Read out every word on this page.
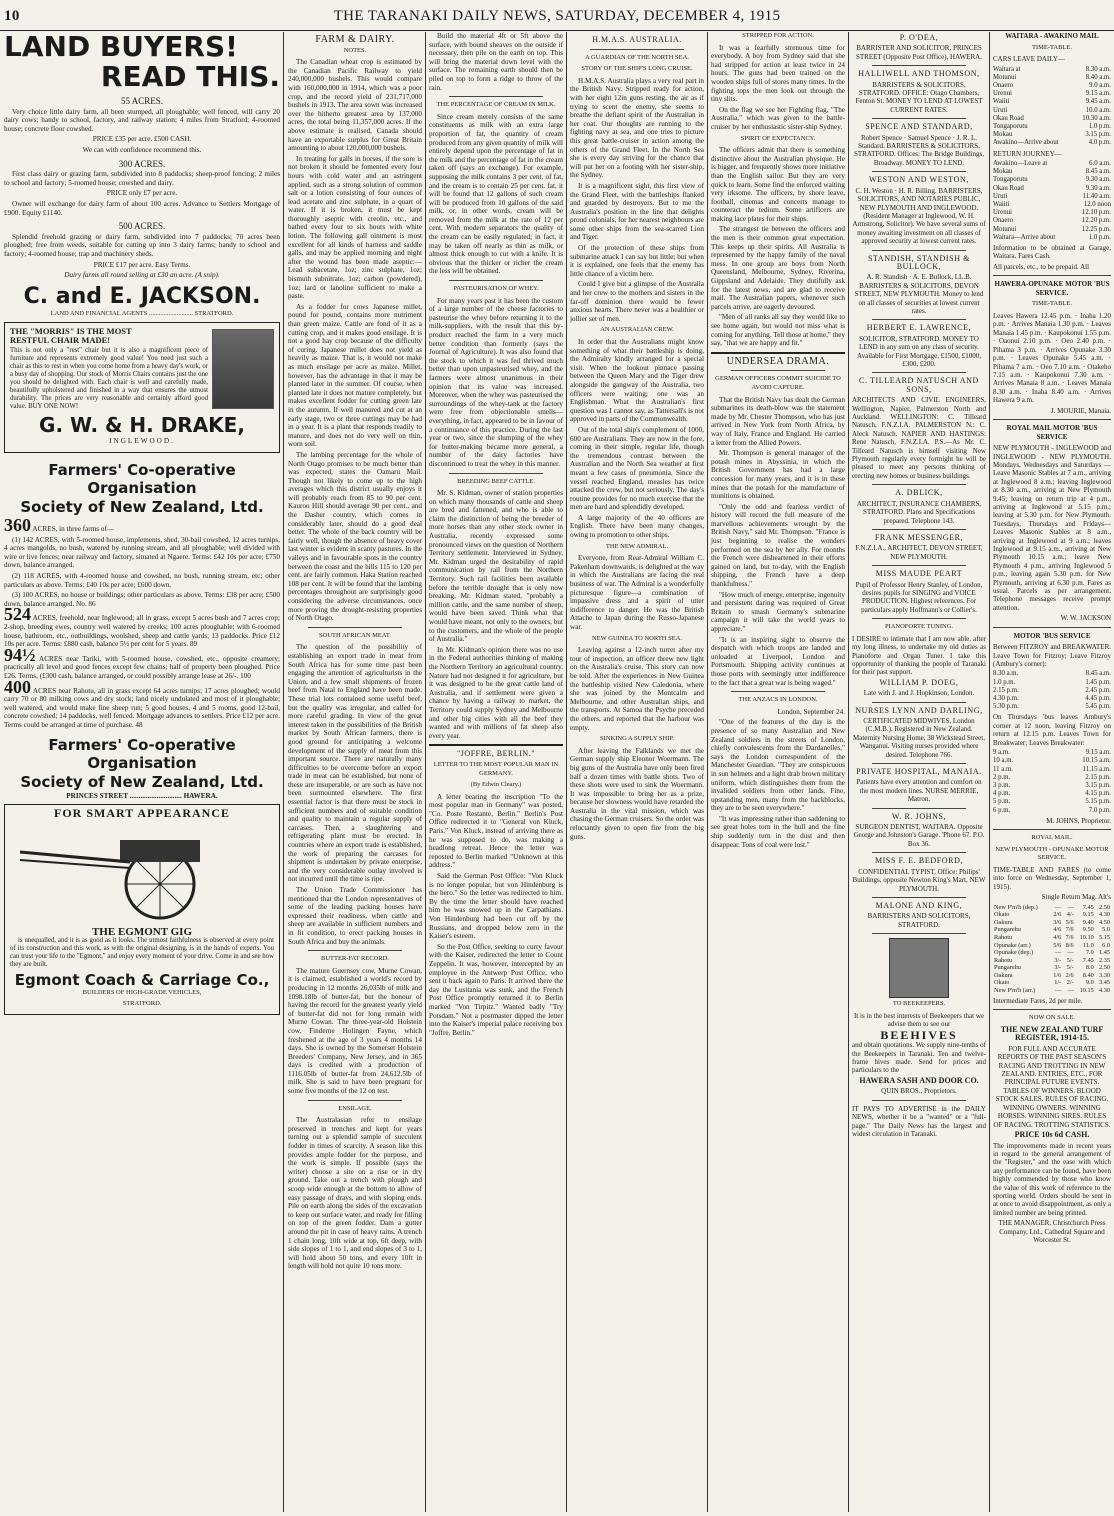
10	THE TARANAKI DAILY NEWS, SATURDAY, DECEMBER 4, 1915
LAND BUYERS!
READ THIS.
55 ACRES.

Very choice little dairy farm, all been stumped, all ploughable; well fenced, will carry 20 dairy cows; handy to school, factory, and railway station; 4 miles from Stratford; 4-roomed house; concrete floor cowshed.

PRICE £35 per acre. £500 CASH.

We can with confidence recommend this.

300 ACRES.

First class dairy or grazing farm, subdivided into 8 paddocks; sheep-proof fencing; 2 miles to school and factory; 5-roomed house; cowshed and dairy.

PRICE only £7 per acre.

Owner will exchange for dairy farm of about 100 acres. Advance to Settlers Mortgage of £900. Equity £1140.

500 ACRES.

Splendid freehold grazing or dairy farm, subdivided into 7 paddocks; 70 acres been ploughed; free from weeds, suitable for cutting up into 3 dairy farms; handy to school and factory; 4-roomed house; trap and machinery sheds.

PRICE £17 per acre. Easy Terms.

Dairy farms all round selling at £30 an acre. (A snip).

C. and E. JACKSON.

LAND AND FINANCIAL AGENTS ........................... STRATFORD.

THE "MORRIS" IS THE MOST
RESTFUL CHAIR MADE!

This is not only a "rest" chair but it is also a magnificent piece of furniture and represents extremely good value! You need just such a chair as this to rest in when you come home from a heavy day's work, or a busy day of shopping. Our stock of Morris Chairs contains just the one you should be delighted with. Each chair is well and carefully made, beautifully upholstered and finished in a way that ensures the utmost durability. The prices are very reasonable and certainly afford good value. BUY ONE NOW!

G. W. & H. DRAKE,

INGLEWOOD.

Farmers' Co-operative Organisation
Society of New Zealand, Ltd.

360 ACRES, in three farms of—

(1) 142 ACRES, with 5-roomed house, implements, shed, 30-bail cowshed, 12 acres turnips, 4 acres mangolds, no bush, watered by running stream, and all ploughable; well divided with wire or live fences; near railway and factory, situated at Ngaere. Terms: £42 10s per acre; £750 down, balance arranged.

(2) 118 ACRES, with 4-roomed house and cowshed, no bush, running stream, etc; other particulars as above. Terms: £40 10s per acre; £600 down.

(3) 100 ACRES, no house or buildings; other particulars as above. Terms: £38 per acre; £500 down, balance arranged. No. 86

524 ACRES, freehold, near Inglewood; all in grass, except 5 acres bush and 7 acres crop; 2-shop, breeding ewes, country well watered by creeks; 100 acres ploughable; with 6-roomed house, bathroom, etc., outbuildings, woolshed, sheep and cattle yards; 13 paddocks. Price £12 10s per acre. Terms: £880 cash, balance 5½ per cent for 5 years. 89

94½ ACRES near Tariki, with 5-roomed house, cowshed, etc., opposite creamery; practically all level and good fences except few chains; half of property been ploughed. Price £26. Terms, (£300 cash, balance arranged, or could possibly arrange lease at 26/-. 100

400 ACRES near Rahotu, all in grass except 64 acres turnips; 17 acres ploughed; would carry 70 or 80 milking cows and dry stock; land nicely undulated and most of it ploughable; well watered, and would make fine sheep run; 5 good houses, 4 and 5 rooms, good 12-bail, concrete cowshed; 14 paddocks, well fenced. Mortgage advances to settlers. Price £12 per acre. Terms could be arranged at time of purchase. 48

Farmers' Co-operative Organisation
Society of New Zealand, Ltd.

PRINCES STREET ............................. HAWERA.

FOR SMART APPEARANCE
THE EGMONT GIG

is unequalled, and it is as good as it looks. The utmost faithfulness is observed at every point of its construction and this work, as with the original designing, is in the hands of experts. You can trust your life to the "Egmont," and enjoy every moment of your drive. Come in and see how they are built.

Egmont Coach & Carriage Co.,

BUILDERS OF HIGH-GRADE VEHICLES,

STRATFORD.

FARM & DAIRY.
NOTES.

The Canadian wheat crop is estimated by the Canadian Pacific Railway to yield 240,000,000 bushels. This would compare with 160,000,000 in 1914, which was a poor crop, and the record yield of 231,717,000 bushels in 1913. The area sown was increased over the hitherto greatest area by 137,000 acres, the total being 11,357,000 acres. If the above estimate is realised, Canada should have an exportable surplus for Great Britain amounting to about 120,000,000 bushels.

In treating for galls in horses, if the sore is not broken it should be fomented every four hours with cold water and an astringent applied, such as a strong solution of common salt or a lotion consisting of four ounces of lead acetate and zinc sulphate, in a quart of water. If it is broken, it must be kept thoroughly aseptic with creolin, etc., and bathed every four to six hours with white lotion. The following gall ointment is most excellent for all kinds of harness and saddle galls, and may be applied morning and night after the wound has been made aseptic:—Lead subacetate, 1oz; zinc sulphate, 1oz; bismuth subnitrate, 1oz; carbon (powdered), 1oz; lard or lanoline sufficient to make a paste.

As a fodder for cows Japanese millet, pound for pound, contains more nutriment than green maize. Cattle are fond of it as a cutting crop, and it makes good ensilage. It is not a good hay crop because of the difficulty of curing. Japanese millet does not yield as heavily as maize. That is, it would not make as much ensilage per acre as maize. Millet, however, has the advantage in that it may be planted later in the summer. Of course, when planted late it does not mature completely, but makes excellent fodder for cutting green late in the autumn. If well manured and cut at an early stage, two or three cuttings may be had in a year. It is a plant that responds readily to manure, and does not do very well on thin, worn soil.

The lambing percentage for the whole of North Otago promises to be much better than was expected, states the Oamaru Mail. Though not likely to come up to the high averages which this district usually enjoys it will probably reach from 85 to 90 per cent. Kauroo Hill should average 90 per cent., and the Dasher country, which comes in considerably later, should do a good deal better. The whole of the back country will be fairly well, though the absence of heavy cover last winter is evident in scanty pastures. In the valleys and in favourable spots in the country between the coast and the hills 115 to 120 per cent. are fairly common. Haka Station reached 108 per cent. It will be found that the lambing percentages throughout are surprisingly good considering the adverse circumstances, once more proving the drought-resisting properties of North Otago.

SOUTH AFRICAN MEAT.

The question of the possibility of establishing an export trade in meat from South Africa has for some time past been engaging the attention of agriculturists in the Union, and a few small shipments of frozen beef from Natal to England have been made. These trial lots contained some useful beef, but the quality was irregular, and called for more careful grading. In view of the great interest taken in the possibilities of the British market by South African farmers, there is good ground for anticipating a welcome development of the supply of meat from this important source. There are naturally many difficulties to be overcome before an export trade in meat can be established, but none of these are insuperable, or are such as have not been surmounted elsewhere. The first essential factor is that there must be stock in sufficient numbers and of suitable condition and quality to maintain a regular supply of carcases. Then, a slaughtering and refrigerating plant must be erected. In countries where an export trade is established, the work of preparing the carcases for shipment is undertaken by private enterprise, and the very considerable outlay involved is not incurred until the time is ripe.

The Union Trade Commissioner has mentioned that the London representatives of some of the leading packing houses have expressed their readiness, when cattle and sheep are available in sufficient numbers and in fit condition, to erect packing houses in South Africa and buy the animals.

BUTTER-FAT RECORD.

The mature Guernsey cow, Murne Cowan, it is claimed, established a world's record by producing in 12 months 26,035lb of milk and 1098.18lb of butter-fat, but the honour of having the record for the greatest yearly yield of butter-fat did not for long remain with Murne Cowan. The three-year-old Holstein cow, Finderne Holingen Fayne, which freshened at the age of 3 years 4 months 14 days. She is owned by the Somerset Holstein Breeders' Company, New Jersey, and in 365 days is credited with a production of 1116.05lb of butter-fat from 24,612.5lb of milk. She is said to have been pregnant for some five months of the 12 on test.

ENSILAGE.

The Australasian refer to ensilage preserved in trenches and kept for years turning out a splendid sample of succulent fodder in times of scarcity. A season like this provides ample fodder for the purpose, and the work is simple. If possible (says the writer) choose a site on a rise or in dry ground. Take out a trench with plough and scoop wide enough at the bottom to allow of easy passage of drays, and with sloping ends. Pile on earth along the sides of the excavation to keep out surface water, and ready for filling on top of the green fodder. Dam a gutter around the pit in case of heavy rains. A trench 1 chain long, 10ft wide at top, 6ft deep, with side slopes of 1 to 1, and end slopes of 3 to 1, will hold about 50 tons, and every 10ft in length will hold not quite 10 tons more.

Build the material 4ft or 5ft above the surface, with bound sheaves on the outside if necessary, then pile on the earth on top. This will bring the material down level with the surface. The remaining earth should then be piled on top to form a ridge to throw of the rain.

THE PERCENTAGE OF CREAM IN MILK.

Since cream merely consists of the same constituents as milk with an extra large proportion of fat, the quantity of cream produced from any given quantity of milk will entirely depend upon the percentage of fat in the milk and the percentage of fat in the cream taken off (says an exchange). For example, supposing the milk contains 3 per cent. of fat, and the cream is to contain 25 per cent. fat, it will be found that 12 gallons of such cream will be produced from 10 gallons of the said milk, or, in other words, cream will be removed from the milk at the rate of 12 per cent. With modern separators the quality of the cream can be easily regulated; in fact, it may be taken off nearly as thin as milk, or almost thick enough to cut with a knife. It is obvious that the thicker or richer the cream the less will be obtained.

PASTEURISATION OF WHEY.

For many years past it has been the custom of a large number of the cheese factories to pasteurise the whey before returning it to the milk-suppliers, with the result that this by-product reached the farm in a very much better condition than formerly (says the Journal of Agriculture). It was also found that the stock to which it was fed thrived much better than upon unpasteurised whey, and the farmers were almost unanimous in their opinion that its value was increased. Moreover, when the whey was pasteurised the surroundings of the whey-tank at the factory were free from objectionable smells—everything, in fact, appeared to be in favour of a continuance of this practice. During the last year or two, since the slumping of the whey for butter-making became more general, a number of the dairy factories have discontinued to treat the whey in this manner.

BREEDING BEEF CATTLE.

Mr. S. Kidman, owner of station properties on which many thousands of cattle and sheep are bred and fattened, and who is able to claim the distinction of being the breeder of more horses than any other stock owner in Australia, recently expressed some pronounced views on the question of Northern Territory settlement. Interviewed in Sydney, Mr. Kidman urged the desirability of rapid communication by rail from the Northern Territory. Such rail facilities been available before the terrible drought that is only now breaking, Mr. Kidman stated, "probably a million cattle, and the same number of sheep, would have been saved. Think what that would have meant, not only to the owners, but to the customers, and the whole of the people of Australia."

In Mr. Kidman's opinion there was no use in the Federal authorities thinking of making the Northern Territory an agricultural country. Nature had not designed it for agriculture, but it was designed to be the great cattle land of Australia, and if settlement were given a chance by having a railway to market, the Territory could supply Sydney and Melbourne and other big cities with all the beef they wanted and with millions of fat sheep also every year.

"JOFFRE, BERLIN."
LETTER TO THE MOST POPULAR MAN IN GERMANY.
(By Edwin Cleary.)

A letter bearing the inscription "To the most popular man in Germany" was posted, "Co. Poste Restante, Berlin." Berlin's Post Office redirected it to "General von Kluck, Paris." Von Kluck, instead of arriving there as he was supposed to do, was making a headlong retreat. Hence the letter was reposted to Berlin marked "Unknown at this address."

Said the German Post Office: "Von Kluck is no longer popular, but von Hindenburg is the hero." So the letter was redirected to him. By the time the letter should have reached him he was snowed up in the Carpathians. Von Hindenburg had been cut off by the Russians, and dropped below zero in the Kaiser's esteem.

So the Post Office, seeking to curry favour with the Kaiser, redirected the letter to Count Zeppelin. It was, however, intercepted by an employee in the Antwerp Post Office, who sent it back again to Paris. It arrived there the day the Lusitania was sunk, and the French Post Office promptly returned it to Berlin marked "Von Tirpitz." Wanted badly "Try Potsdam." Not a postmaster dipped the letter into the Kaiser's imperial palace receiving box "Joffre, Berlin."

H.M.A.S. AUSTRALIA.
A GUARDIAN OF THE NORTH SEA.
STORY OF THE SHIP'S LONG CRUISE.

H.M.A.S. Australia plays a very real part in the British Navy. Stripped ready for action, with her eight 12in guns resting, the air as if trying to scent the enemy, she seems to breathe the defiant spirit of the Australian in her coat. Our thoughts are running to the fighting navy at sea, and one tries to picture this great battle-cruiser in action among the others of the Grand Fleet. In the North Sea she is every day striving for the chance that will put her on a footing with her sister-ship, the Sydney.

It is a magnificent sight, this first view of the Grand Fleet, with the battleships flanked and guarded by destroyers. But to me the Australia's position in the line that delights proud colonials, for her nearest neighbours are some other ships from the sea-scarred Lion and Tiger.

Of the protection of these ships from submarine attack I can say but little; but when it is explained, one feels that the enemy has little chance of a victim here.

Could I give but a glimpse of the Australia and her crew to the mothers and sisters in the far-off dominion there would be fewer anxious hearts. There never was a healthier or jollier set of men.

AN AUSTRALIAN CREW.

In order that the Australians might know something of what their battleship is doing, the Admiralty kindly arranged for a special visit. When the lookout pinnace passing between the Queen Mary and the Tiger drew alongside the gangway of the Australia, two officers were waiting; one was an Englishman. What the Australian's first question was I cannot say, as Tattersall's is not approved in parts of the Commonwealth.

Out of the total ship's complement of 1000, 600 are Australians. They are now in the fore, coming in their simple, regular life, though the tremendous contrast between the Australian and the North Sea weather at first meant a few cases of pneumonia. Since the vessel reached England, measles has twice attacked the crew, but not seriously. The day's routine provides for no much exercise that the men are hard and splendidly developed.

A large majority of the 40 officers are English. There have been many changes, owing to promotion to other ships.

THE NEW ADMIRAL.

Everyone, from Rear-Admiral William C. Pakenham downwards, is delighted at the way in which the Australians are facing the real business of war. The Admiral is a wonderfully picturesque figure—a combination of impassive dress and a spirit of utter indifference to danger. He was the British Attache to Japan during the Russo-Japanese war.

NEW GUINEA TO NORTH SEA.

Leaving against a 12-inch turret after my tour of inspection, an officer threw new light on the Australia's cruise. This story can now be told. After the experiences in New Guinea the battleship visited New Caledonia, where she was joined by the Montcalm and Melbourne, and other Australian ships, and the transports. At Samoa the Psyche preceded the others, and reported that the harbour was empty.

SINKING A SUPPLY SHIP.

After leaving the Falklands we met the German supply ship Eleonor Woermann. The big guns of the Australia have only been fired half a dozen times with battle shots. Two of these shots were used to sink the Woermann. It was impossible to bring her as a prize, because her slowness would have retarded the Australia in the vital mission, which was chasing the German cruisers. So the order was reluctantly given to open fire from the big guns.

STRIPPED FOR ACTION.

It was a fearfully strenuous time for everybody. A boy from Sydney said that she had stripped for action at least twice in 24 hours. The guns had been trained on the wooden ships full of stores many times. In the fighting tops the men look out through the tiny slits.

On the flag we see her Fighting flag, "The Australia," which was given to the battle-cruiser by her enthusiastic sister-ship Sydney.

SPIRIT OF EXPECTANCY.

The officers admit that there is something distinctive about the Australian physique. He is bigger, and frequently shows more initiative than the English sailor. But they are very quick to learn. Some find the enforced waiting very irksome. The officers, by shore leave, football, cinemas and concerts manage to counteract the tedium. Some artificers are making lace plates for their ships.

The strangest tie between the officers and the men is their common great expectation. This keeps up their spirits. All Australia is represented by the happy family of the naval mess. In one group are boys from North Queensland, Melbourne, Sydney, Riverina, Gippsland and Adelaide. They dutifully ask for the latest news, and are glad to receive mail. The Australian papers, whenever such parcels arrive, are eagerly devoured.

"Men of all ranks all say they would like to see home again, but would not miss what is coming for anything. Tell those at home," they say, "that we are happy and fit."

UNDERSEA DRAMA.
GERMAN OFFICERS COMMIT SUICIDE TO AVOID CAPTURE.

That the British Navy has dealt the German submarines its death-blow was the statement made by Mr. Chester Thompson, who has just arrived in New York from North Africa, by way of Italy, France and England. He carried a letter from the Allied Powers.

Mr. Thompson is general manager of the potash mines in Abyssinia, in which the British Government has had a large concession for many years, and it is in these mines that the potash for the manufacture of munitions is obtained.

"Only the odd and fearless verdict of history will record the full measure of the marvellous achievements wrought by the British Navy," said Mr. Thompson. "France is just beginning to realise the wonders performed on the sea by her ally. For months the French were disheartened in their efforts gained on land, but to-day, with the English shipping, the French have a deep thankfulness."

"How much of energy, enterprise, ingenuity and persistent daring was required of Great Britain to smash Germany's submarine campaign it will take the world years to appreciate."

"It is an inspiring sight to observe the despatch with which troops are landed and unloaded at Liverpool, London and Portsmouth. Shipping activity continues at those ports with seemingly utter indifference to the fact that a great war is being waged."

THE ANZACS IN LONDON.

London, September 24.

"One of the features of the day is the presence of so many Australian and New Zealand soldiers in the streets of London, chiefly convalescents from the Dardanelles," says the London correspondent of the Manchester Guardian. "They are conspicuous in sun helmets and a light drab brown military uniform, which distinguishes them from the invalided soldiers from other lands. Fine, upstanding men, many from the backblocks, they are to be seen everywhere."

"It was impressing rather than saddening to see great holes torn in the hull and the fine ship suddenly turn in the dust and then disappear. Tons of coal were lost."

P. O'DEA,

BARRISTER AND SOLICITOR, PRINCES STREET (Opposite Post Office), HAWERA.

HALLIWELL AND THOMSON,

BARRISTERS & SOLICITORS, STRATFORD. OFFICE: Otago Chambers, Fenton St. MONEY TO LEND AT LOWEST CURRENT RATES.

SPENCE AND STANDARD,

Robert Spence · Samuel Spence · J. R. L. Standard. BARRISTERS & SOLICITORS, STRATFORD. Offices: The Bridge Buildings, Broadway. MONEY TO LEND.

WESTON AND WESTON,

C. H. Weston · H. R. Billing. BARRISTERS, SOLICITORS, AND NOTARIES PUBLIC, NEW PLYMOUTH AND INGLEWOOD. (Resident Manager at Inglewood, W. H. Armstrong, Solicitor). We have several sums of money awaiting investment on all classes of approved security at lowest current rates.

STANDISH, STANDISH & BULLOCK,

A. R. Standish · A. E. Bullock, LL.B. BARRISTERS & SOLICITORS, DEVON STREET, NEW PLYMOUTH. Money to lend on all classes of securities at lowest current rates.

HERBERT E. LAWRENCE,

SOLICITOR, STRATFORD. MONEY TO LEND in any sum on any class of security. Available for First Mortgage, £1500, £1000, £300, £200.

C. TILLEARD NATUSCH AND SONS,

ARCHITECTS AND CIVIL ENGINEERS, Wellington, Napier, Palmerston North and Auckland. WELLINGTON: C. Tilleard Natusch, F.N.Z.I.A. PALMERSTON N.: C. Aleck Natusch. NAPIER AND HASTINGS: Rene Natusch, F.N.Z.I.A. P.S.—As Mr. C. Tilleard Natusch is himself visiting New Plymouth regularly every fortnight he will be pleased to meet any persons thinking of erecting new homes or business buildings.

A. DBLICK,

ARCHITECT, INSURANCE CHAMBERS, STRATFORD. Plans and Specifications prepared. Telephone 143.

FRANK MESSENGER,

F.N.Z.I.A., ARCHITECT, DEVON STREET, NEW PLYMOUTH.

MISS MAUDE PEART

Pupil of Professor Henry Stanley, of London, desires pupils for SINGING and VOICE PRODUCTION. Highest references. For particulars apply Hoffmann's or Collier's.

PIANOFORTE TUNING.

I DESIRE to intimate that I am now able, after my long illness, to undertake my old duties as Pianoforte and Organ Tuner. I take this opportunity of thanking the people of Taranaki for their past support.

WILLIAM P. DOEG,

Late with J. and J. Hopkinson, London.

NURSES LYNN AND DARLING,

CERTIFICATED MIDWIVES, London (C.M.B.). Registered in New Zealand. Maternity Nursing Home, 38 Wickstead Street, Wanganui. Visiting nurses provided where desired. Telephone 766.

PRIVATE HOSPITAL, MANAIA.

Patients have every attention and comfort on the most modern lines. NURSE MERRIE, Matron.

W. R. JOHNS,

SURGEON DENTIST, WAITARA. Opposite George and Johnston's Garage. 'Phone 67. P.O. Box 36.

MISS F. E. BEDFORD,

CONFIDENTIAL TYPIST, Office: Philips' Buildings, opposite Newton King's Mart, NEW PLYMOUTH.

MALONE AND KING,

BARRISTERS AND SOLICITORS, STRATFORD.

TO BEEKEEPERS.

It is in the best interests of Beekeepers that we advise them to see our

BEEHIVES

and obtain quotations. We supply nine-tenths of the Beekeepers in Taranaki. Ten and twelve-frame hives made. Send for prices and particulars to the

HAWERA SASH AND DOOR CO.

QUIN BROS., Proprietors.

IT PAYS TO ADVERTISE in the DAILY NEWS, whether it be a "wanted" or a "full-page." The Daily News has the largest and widest circulation in Taranaki.

WAITARA - AWAKINO MAIL
TIME-TABLE.
CARS LEAVE DAILY—
Waitara at	8.30 a.m.
Motunui	8.40 a.m.
Onaero	9.0 a.m.
Urenui	9.15 a.m.
Waiiti	9.45 a.m.
Uruti	10.0 a.m.
Okau Road	10.30 a.m.
Tongaporutu	1.0 p.m.
Mokau	3.15 p.m.
Awakino—Arrive about	4.0 p.m.
RETURN JOURNEY—
Awakino—Leave at	6.0 a.m.
Mokau	8.45 a.m.
Tongaporutu	9.30 a.m.
Okau Road	9.30 a.m.
Uruti	11.40 a.m.
Waiiti	12.0 noon
Urenui	12.10 p.m.
Onaero	12.20 p.m.
Motunui	12.25 p.m.
Waitara—Arrive about	1.0 p.m.

Information to be obtained at Garage, Waitara. Fares Cash.

All parcels, etc., to be prepaid. All

HAWERA-OPUNAKE MOTOR 'BUS SERVICE.
TIME-TABLE.

Leaves Hawera 12.45 p.m. · Inaha 1.20 p.m. · Arrives Manaia 1.30 p.m. · Leaves Manaia 1.45 p.m. · Kaupokonui 1.55 p.m. · Oaonui 2.10 p.m. · Oeo 2.40 p.m. · Pihama 3 p.m. · Arrives Opunake 3.30 p.m. · Leaves Opunake 5.45 a.m. · Pihama 7 a.m. · Oeo 7.10 a.m. · Otakeho 7.15 a.m. · Kaupokonui 7.30 a.m. · Arrives Manaia 8 a.m. · Leaves Manaia 8.30 a.m. · Inaha 8.40 a.m. · Arrives Hawera 9 a.m.

J. MOURIE, Manaia.

ROYAL MAIL MOTOR 'BUS SERVICE

NEW PLYMOUTH - INGLEWOOD and INGLEWOOD - NEW PLYMOUTH. Mondays, Wednesdays and Saturdays —Leave Masonic Stables at 7 a.m., arriving at Inglewood 8 a.m.; leaving Inglewood at 8.30 a.m., arriving at New Plymouth 9.45; leaving on return trip at 4 p.m., arriving at Inglewood at 5.15 p.m.; leaving at 5.30 p.m. for New Plymouth. Tuesdays, Thursdays and Fridays—Leaves Masonic Stables at 8 a.m., arriving at Inglewood at 9 a.m.; leaves Inglewood at 9.15 a.m., arriving at New Plymouth 10.15 a.m.; leave New Plymouth 4 p.m., arriving Inglewood 5 p.m.; leaving again 5.30 p.m. for New Plymouth, arriving at 6.30 p.m. Fares as usual. Parcels as per arrangement. Telephone messages receive prompt attention.

W. W. JACKSON

MOTOR 'BUS SERVICE

Between FITZROY and BREAKWATER. Leave Town for Fitzroy; Leave Fitzroy (Ambury's corner):

8.30 a.m.	8.45 a.m.
1.0 p.m.	1.45 p.m.
2.15 p.m.	2.45 p.m.
4.30 p.m.	4.45 p.m.
5.30 p.m.	5.45 p.m.

On Thursdays 'bus leaves Ambury's corner at 12 noon, leaving Fitzroy on return at 12.15 p.m. Leaves Town for Breakwater; Leaves Breakwater:

9 a.m.	9.15 a.m.
10 a.m.	10.15 a.m.
11 a.m.	11.15 a.m.
2 p.m.	2.15 p.m.
3 p.m.	3.15 p.m.
4 p.m.	4.15 p.m.
5 p.m.	5.15 p.m.
6 p.m.	7.0 p.m.

M. JOHNS, Proprietor.

ROYAL MAIL.
NEW PLYMOUTH - OPUNAKE MOTOR SERVICE.

TIME-TABLE AND FARES (to come into force on Wednesday, September 1, 1915).

Single Return Mag. Alt's

New P'm'h (dep.)	—	—	7.45	2.50
Okato	2/6	4/-	9.15	4.30
Oakura	3/6	5/6	9.40	4.50
Pungarehu	4/6	7/6	9.50	5.0
Rahotu	4/6	7/6	10.10	5.15
Opunake (arr.)	5/6	8/6	11.0	6.0
Opunake (dep.)	—	—	7.0	1.45
Rahotu	3/-	5/-	7.45	2.35
Pungarehu	3/-	5/-	8.0	2.50
Oakura	1/6	2/6	8.40	3.30
Okato	1/-	2/-	9.0	3.45
New P'm'h (arr.)	—	—	10.15	4.30

Intermediate Fares, 2d per mile.

NOW ON SALE.
THE NEW ZEALAND TURF REGISTER, 1914-15.

FOR FULL AND ACCURATE REPORTS OF THE PAST SEASON'S RACING AND TROTTING IN NEW ZEALAND. ENTRIES, ETC., FOR PRINCIPAL FUTURE EVENTS. TABLES OF WINNERS. BLOOD STOCK SALES. RULES OF RACING. WINNING OWNERS. WINNING HORSES. WINNING SIRES. RULES OF RACING. TROTTING STATISTICS.

PRICE 10s 6d CASH.

The improvements made in recent years in regard to the general arrangement of the "Register," and the ease with which any performance can be found, have been highly commended by those who know the value of this work of reference to the sporting world. Orders should be sent in at once to avoid disappointment, as only a limited number are being printed.

THE MANAGER, Christchurch Press Company, Ltd., Cathedral Square and Worcester St.
